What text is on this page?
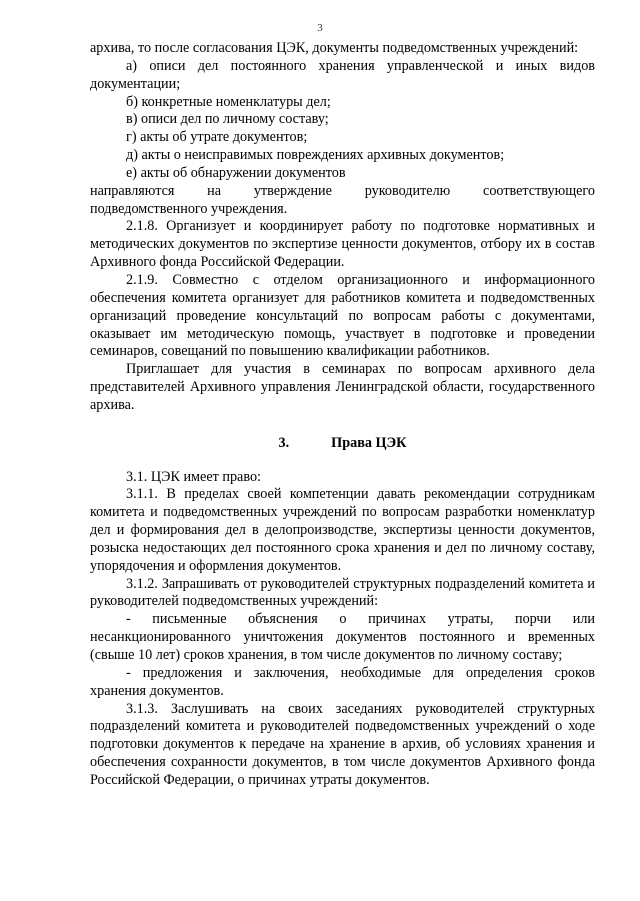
3

архива, то после согласования ЦЭК, документы подведомственных учреждений:

а) описи дел постоянного хранения управленческой и иных видов документации;

б) конкретные номенклатуры дел;

в) описи дел по личному составу;

г) акты об утрате документов;

д) акты о неисправимых повреждениях архивных документов;

е) акты об обнаружении документов

направляются на утверждение руководителю соответствующего подведомственного учреждения.

2.1.8. Организует и координирует работу по подготовке нормативных и методических документов по экспертизе ценности документов, отбору их в состав Архивного фонда Российской Федерации.

2.1.9. Совместно с отделом организационного и информационного обеспечения комитета организует для работников комитета и подведомственных организаций проведение консультаций по вопросам работы с документами, оказывает им методическую помощь, участвует в подготовке и проведении семинаров, совещаний по повышению квалификации работников.

Приглашает для участия в семинарах по вопросам архивного дела представителей Архивного управления Ленинградской области, государственного архива.

3.	Права ЦЭК

3.1. ЦЭК имеет право:

3.1.1. В пределах своей компетенции давать рекомендации сотрудникам комитета и подведомственных учреждений по вопросам разработки номенклатур дел и формирования дел в делопроизводстве, экспертизы ценности документов, розыска недостающих дел постоянного срока хранения и дел по личному составу, упорядочения и оформления документов.

3.1.2. Запрашивать от руководителей структурных подразделений комитета и руководителей подведомственных учреждений:

- письменные объяснения о причинах утраты, порчи или несанкционированного уничтожения документов постоянного и временных (свыше 10 лет) сроков хранения, в том числе документов по личному составу;

- предложения и заключения, необходимые для определения сроков хранения документов.

3.1.3. Заслушивать на своих заседаниях руководителей структурных подразделений комитета и руководителей подведомственных учреждений о ходе подготовки документов к передаче на хранение в архив, об условиях хранения и обеспечения сохранности документов, в том числе документов Архивного фонда Российской Федерации, о причинах утраты документов.
